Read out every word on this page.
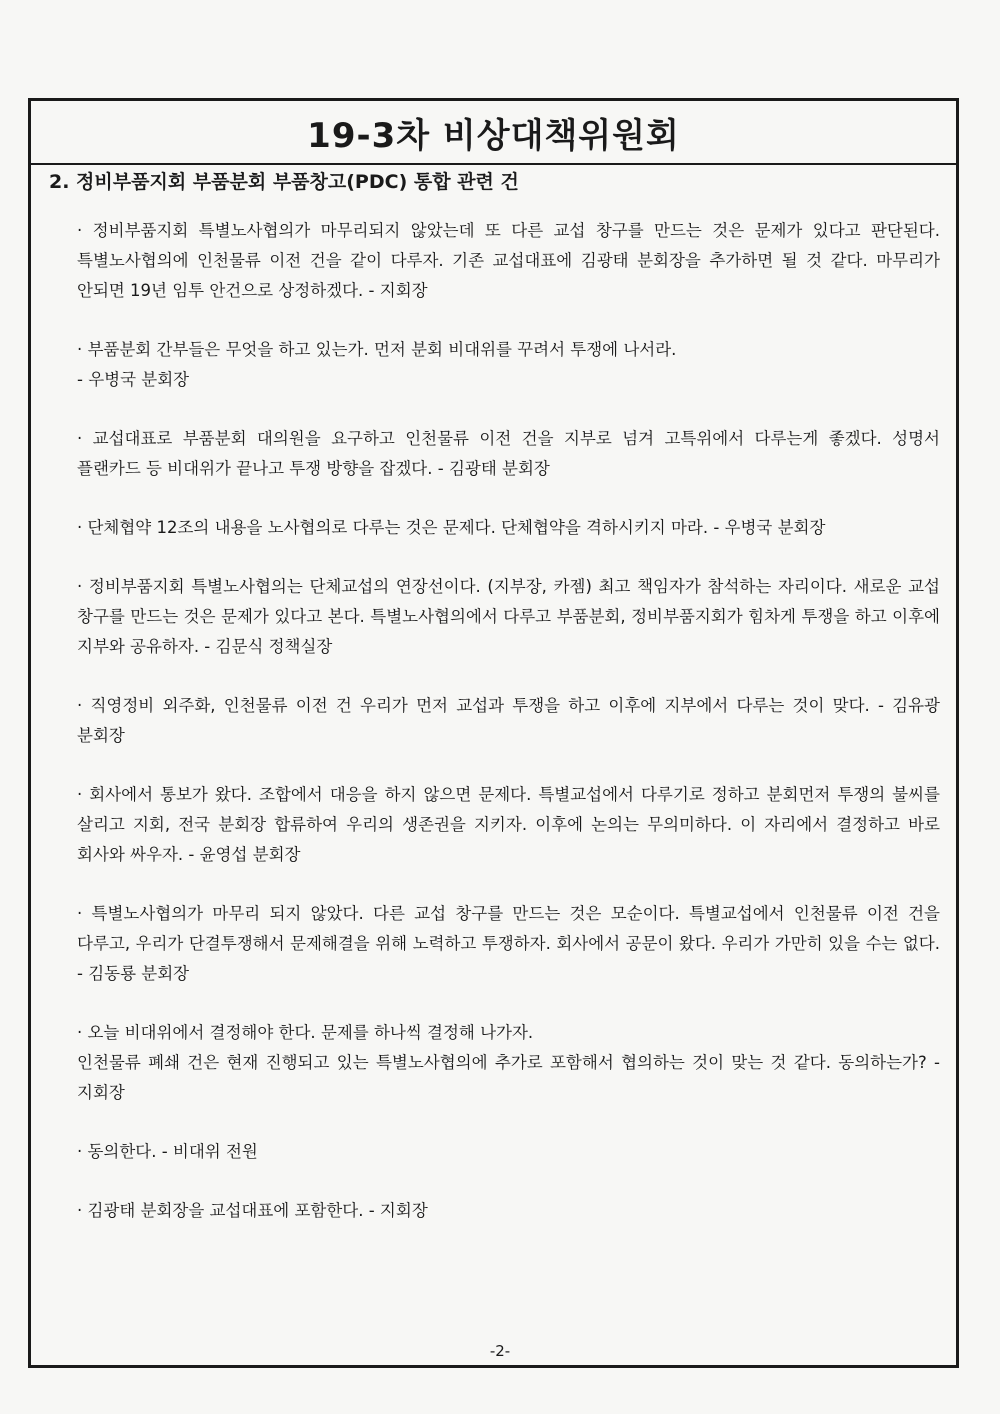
19-3차 비상대책위원회
2. 정비부품지회 부품분회 부품창고(PDC) 통합 관련 건
· 정비부품지회 특별노사협의가 마무리되지 않았는데 또 다른 교섭 창구를 만드는 것은 문제가 있다고 판단된다. 특별노사협의에 인천물류 이전 건을 같이 다루자. 기존 교섭대표에 김광태 분회장을 추가하면 될 것 같다. 마무리가 안되면 19년 임투 안건으로 상정하겠다. - 지회장
· 부품분회 간부들은 무엇을 하고 있는가. 먼저 분회 비대위를 꾸려서 투쟁에 나서라.
- 우병국 분회장
· 교섭대표로 부품분회 대의원을 요구하고 인천물류 이전 건을 지부로 넘겨 고특위에서 다루는게 좋겠다. 성명서 플랜카드 등 비대위가 끝나고 투쟁 방향을 잡겠다. - 김광태 분회장
· 단체협약 12조의 내용을 노사협의로 다루는 것은 문제다. 단체협약을 격하시키지 마라. - 우병국 분회장
· 정비부품지회 특별노사협의는 단체교섭의 연장선이다. (지부장, 카젬) 최고 책임자가 참석하는 자리이다. 새로운 교섭 창구를 만드는 것은 문제가 있다고 본다. 특별노사협의에서 다루고 부품분회, 정비부품지회가 힘차게 투쟁을 하고 이후에 지부와 공유하자. - 김문식 정책실장
· 직영정비 외주화, 인천물류 이전 건 우리가 먼저 교섭과 투쟁을 하고 이후에 지부에서 다루는 것이 맞다. - 김유광 분회장
· 회사에서 통보가 왔다. 조합에서 대응을 하지 않으면 문제다. 특별교섭에서 다루기로 정하고 분회먼저 투쟁의 불씨를 살리고 지회, 전국 분회장 합류하여 우리의 생존권을 지키자. 이후에 논의는 무의미하다. 이 자리에서 결정하고 바로 회사와 싸우자. - 윤영섭 분회장
· 특별노사협의가 마무리 되지 않았다. 다른 교섭 창구를 만드는 것은 모순이다. 특별교섭에서 인천물류 이전 건을 다루고, 우리가 단결투쟁해서 문제해결을 위해 노력하고 투쟁하자. 회사에서 공문이 왔다. 우리가 가만히 있을 수는 없다. - 김동룡 분회장
· 오늘 비대위에서 결정해야 한다. 문제를 하나씩 결정해 나가자.
인천물류 폐쇄 건은 현재 진행되고 있는 특별노사협의에 추가로 포함해서 협의하는 것이 맞는 것 같다. 동의하는가? - 지회장
· 동의한다. - 비대위 전원
· 김광태 분회장을 교섭대표에 포함한다. - 지회장
-2-
